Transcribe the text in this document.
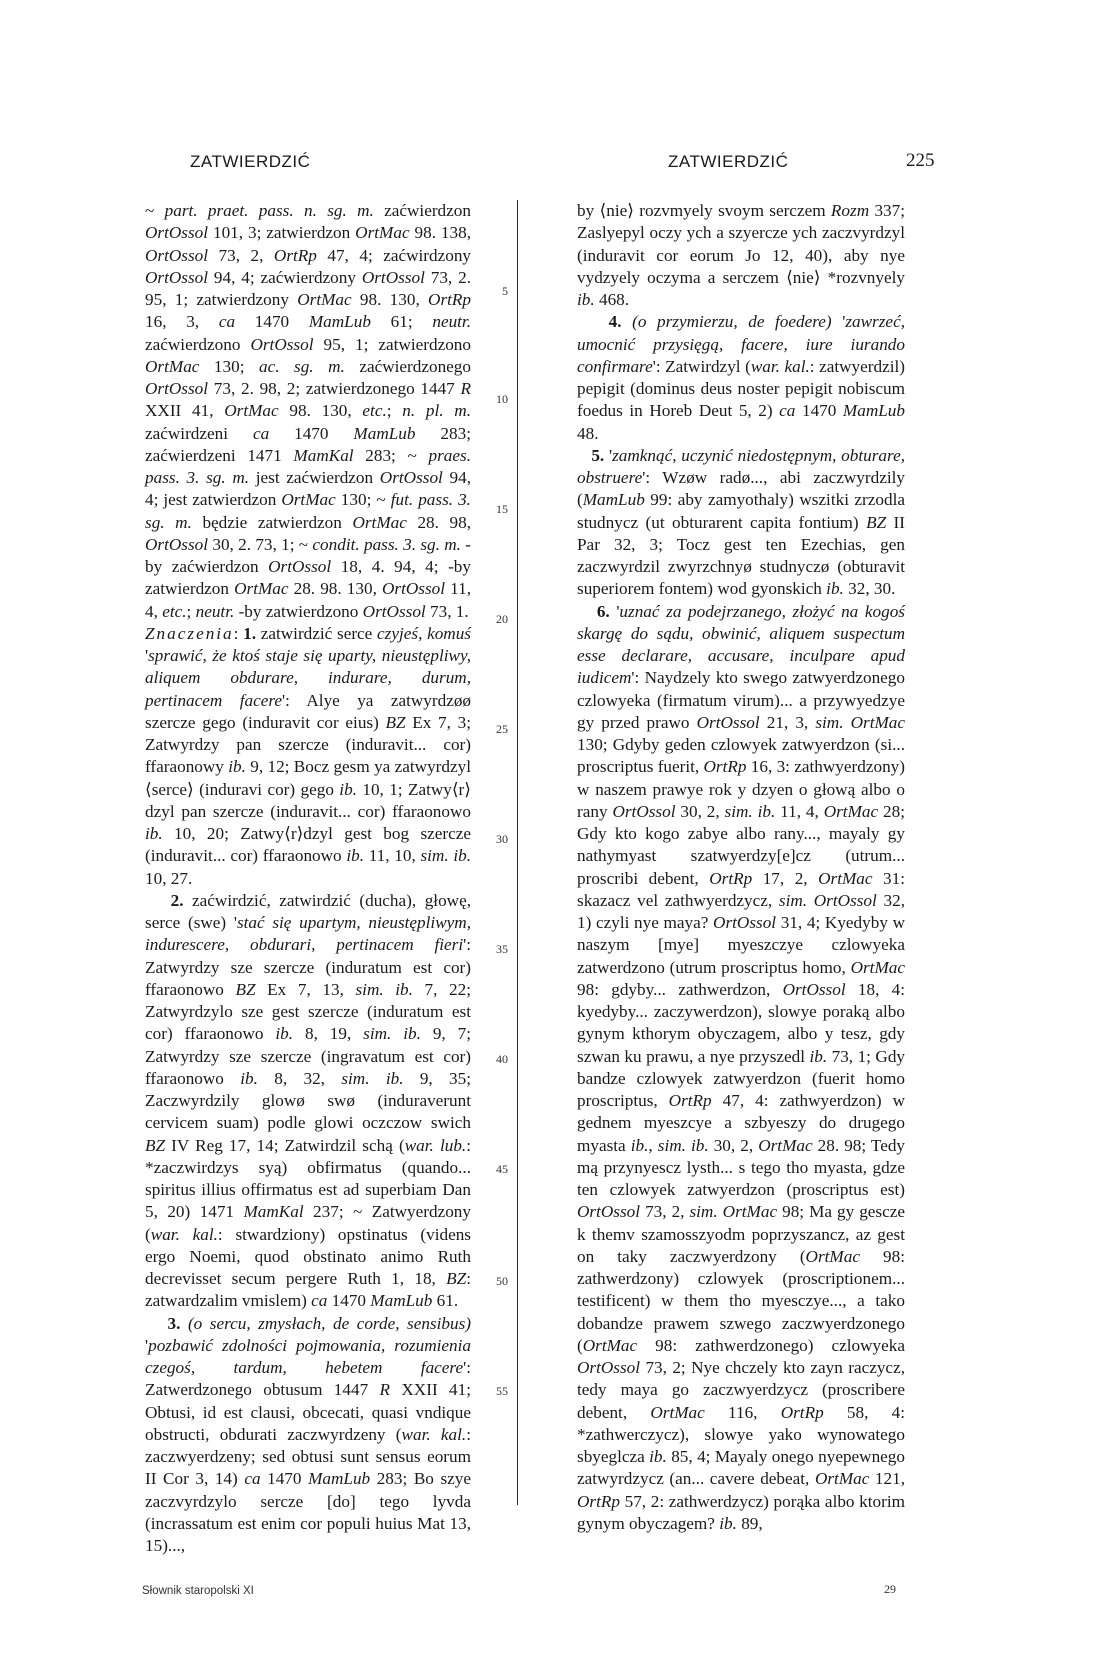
ZATWIERDZIĆ	ZATWIERDZIĆ	225

~ part. praet. pass. n. sg. m. zaćwierdzon OrtOssol 101, 3; zatwierdzon OrtMac 98. 138, OrtOssol 73, 2, OrtRp 47, 4; zaćwirdzony OrtOssol 94, 4; zaćwierdzony OrtOssol 73, 2. 95, 1; zatwierdzony OrtMac 98. 130, OrtRp 16, 3, ca 1470 MamLub 61; neutr. zaćwierdzono OrtOssol 95, 1; zatwierdzono OrtMac 130; ac. sg. m. zaćwierdzonego OrtOssol 73, 2. 98, 2; zatwierdzonego 1447 R XXII 41, OrtMac 98. 130, etc.; n. pl. m. zaćwirdzeni ca 1470 MamLub 283; zaćwierdzeni 1471 MamKal 283; ~ praes. pass. 3. sg. m. jest zaćwierdzon OrtOssol 94, 4; jest zatwierdzon OrtMac 130; ~ fut. pass. 3. sg. m. będzie zatwierdzon OrtMac 28. 98, OrtOssol 30, 2. 73, 1; ~ condit. pass. 3. sg. m. -by zaćwierdzon OrtOssol 18, 4. 94, 4; -by zatwierdzon OrtMac 28. 98. 130, OrtOssol 11, 4, etc.; neutr. -by zatwierdzono OrtOssol 73, 1.
Znaczenia: 1. zatwirdzić serce czyjeś, komuś 'sprawić, że ktoś staje się uparty, nieustępliwy, aliquem obdurare, indurare, durum, pertinacem facere': Alye ya zatwyrdzøø szercze gego (induravit cor eius) BZ Ex 7, 3; Zatwyrdzy pan szercze (induravit... cor) ffaraonowy ib. 9, 12; Bocz gesm ya zatwyrdzyl ⟨serce⟩ (induravi cor) gego ib. 10, 1; Zatwy⟨r⟩dzyl pan szercze (induravit... cor) ffaraonowo ib. 10, 20; Zatwy⟨r⟩dzyl gest bog szercze (induravit... cor) ffaraonowo ib. 11, 10, sim. ib. 10, 27.
2. zaćwirdzić, zatwirdzić (ducha), głowę, serce (swe) 'stać się upartym, nieustępliwym, indurescere, obdurari, pertinacem fieri': Zatwyrdzy sze szercze (induratum est cor) ffaraonowo BZ Ex 7, 13, sim. ib. 7, 22; Zatwyrdzylo sze gest szercze (induratum est cor) ffaraonowo ib. 8, 19, sim. ib. 9, 7; Zatwyrdzy sze szercze (ingravatum est cor) ffaraonowo ib. 8, 32, sim. ib. 9, 35; Zaczwyrdzily glowø swø (induraverunt cervicem suam) podle glowi oczczow swich BZ IV Reg 17, 14; Zatwirdzil schą (war. lub.: *zaczwirdzys syą) obfirmatus (quando... spiritus illius offirmatus est ad superbiam Dan 5, 20) 1471 MamKal 237; ~ Zatwyerdzony (war. kal.: stwardziony) opstinatus (videns ergo Noemi, quod obstinato animo Ruth decrevisset secum pergere Ruth 1, 18, BZ: zatwardzalim vmislem) ca 1470 MamLub 61.
3. (o sercu, zmysłach, de corde, sensibus) 'pozbawić zdolności pojmowania, rozumienia czegoś, tardum, hebetem facere': Zatwerdzonego obtusum 1447 R XXII 41; Obtusi, id est clausi, obcecati, quasi vndique obstructi, obdurati zaczwyrdzeny (war. kal.: zaczwyerdzeny; sed obtusi sunt sensus eorum II Cor 3, 14) ca 1470 MamLub 283; Bo szye zaczvyrdzylo sercze [do] tego lyvda (incrassatum est enim cor populi huius Mat 13, 15)...,

5
10
15
20
25
30
35
40
45
50
55

by ⟨nie⟩ rozvmyely svoym serczem Rozm 337; Zaslyepyl oczy ych a szyercze ych zaczvyrdzyl (induravit cor eorum Jo 12, 40), aby nye vydzyely oczyma a serczem ⟨nie⟩ *rozvnyely ib. 468.
4. (o przymierzu, de foedere) 'zawrzeć, umocnić przysięgą, facere, iure iurando confirmare': Zatwirdzyl (war. kal.: zatwyerdzil) pepigit (dominus deus noster pepigit nobiscum foedus in Horeb Deut 5, 2) ca 1470 MamLub 48.
5. 'zamknąć, uczynić niedostępnym, obturare, obstruere': Wzøw radø..., abi zaczwyrdzily (MamLub 99: aby zamyothaly) wszitki zrzodla studnycz (ut obturarent capita fontium) BZ II Par 32, 3; Tocz gest ten Ezechias, gen zaczwyrdzil zwyrzchnyø studnyczø (obturavit superiorem fontem) wod gyonskich ib. 32, 30.
6. 'uznać za podejrzanego, złożyć na kogoś skargę do sądu, obwinić, aliquem suspectum esse declarare, accusare, inculpare apud iudicem': Naydzely kto swego zatwyerdzonego czlowyeka (firmatum virum)... a przywyedzye gy przed prawo OrtOssol 21, 3, sim. OrtMac 130; Gdyby geden czlowyek zatwyerdzon (si... proscriptus fuerit, OrtRp 16, 3: zathwyerdzony) w naszem prawye rok y dzyen o głową albo o rany OrtOssol 30, 2, sim. ib. 11, 4, OrtMac 28; Gdy kto kogo zabye albo rany..., mayaly gy nathymyast szatwyerdzy[e]cz (utrum... proscribi debent, OrtRp 17, 2, OrtMac 31: skazacz vel zathwyerdzycz, sim. OrtOssol 32, 1) czyli nye maya? OrtOssol 31, 4; Kyedyby w naszym [mye] myeszczye czlowyeka zatwerdzono (utrum proscriptus homo, OrtMac 98: gdyby... zathwerdzon, OrtOssol 18, 4: kyedyby... zaczywerdzon), slowye poraką albo gynym kthorym obyczagem, albo y tesz, gdy szwan ku prawu, a nye przyszedl ib. 73, 1; Gdy bandze czlowyek zatwyerdzon (fuerit homo proscriptus, OrtRp 47, 4: zathwyerdzon) w gednem myeszcye a szbyeszy do drugego myasta ib., sim. ib. 30, 2, OrtMac 28. 98; Tedy mą przynyescz lysth... s tego tho myasta, gdze ten czlowyek zatwyerdzon (proscriptus est) OrtOssol 73, 2, sim. OrtMac 98; Ma gy gescze k themv szamosszyodm poprzyszancz, az gest on taky zaczwyerdzony (OrtMac 98: zathwerdzony) czlowyek (proscriptionem... testificent) w them tho myesczye..., a tako dobandze prawem szwego zaczwyerdzonego (OrtMac 98: zathwerdzonego) czlowyeka OrtOssol 73, 2; Nye chczely kto zayn raczycz, tedy maya go zaczwyerdzycz (proscribere debent, OrtMac 116, OrtRp 58, 4: *zathwerczycz), slowye yako wynowatego sbyeglcza ib. 85, 4; Mayaly onego nyepewnego zatwyrdzycz (an... cavere debeat, OrtMac 121, OrtRp 57, 2: zathwerdzycz) porąka albo ktorim gynym obyczagem? ib. 89,

Słownik staropolski XI	29
